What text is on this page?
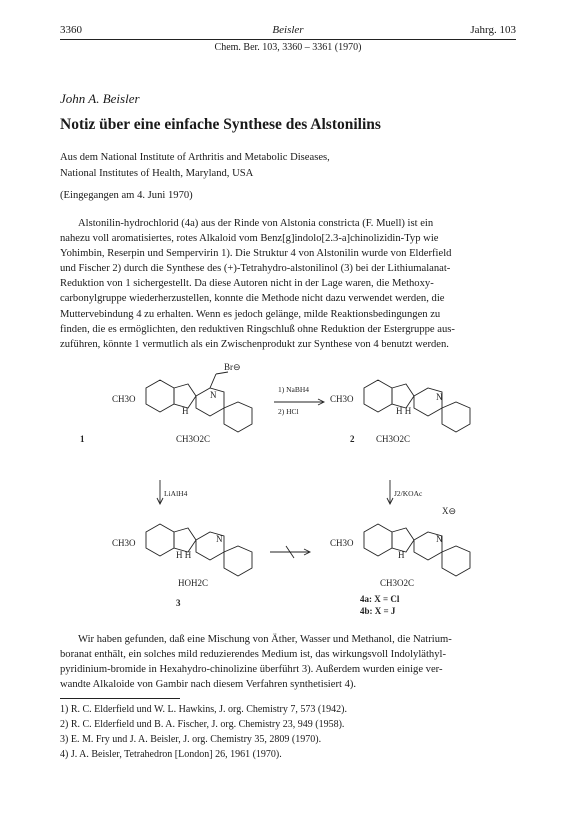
3360	Beisler	Jahrg. 103
Chem. Ber. 103, 3360 – 3361 (1970)
John A. Beisler
Notiz über eine einfache Synthese des Alstonilins
Aus dem National Institute of Arthritis and Metabolic Diseases,
National Institutes of Health, Maryland, USA
(Eingegangen am 4. Juni 1970)
Alstonilin-hydrochlorid (4a) aus der Rinde von Alstonia constricta (F. Muell) ist ein
nahezu voll aromatisiertes, rotes Alkaloid vom Benz[g]indolo[2.3-a]chinolizidin-Typ wie
Yohimbin, Reserpin und Sempervirin 1). Die Struktur 4 von Alstonilin wurde von Elderfield
und Fischer 2) durch die Synthese des (+)-Tetrahydro-alstonilinol (3) bei der Lithiumalanat-
Reduktion von 1 sichergestellt. Da diese Autoren nicht in der Lage waren, die Methoxy-
carbonylgruppe wiederherzustellen, konnte die Methode nicht dazu verwendet werden, die
Muttervebindung 4 zu erhalten. Wenn es jedoch gelänge, milde Reaktionsbedingungen zu
finden, die es ermöglichten, den reduktiven Ringschluß ohne Reduktion der Estergruppe aus-
zuführen, könnte 1 vermutlich als ein Zwischenprodukt zur Synthese von 4 benutzt werden.
Br⊖
CH3O
H
N
CH3O2C
1
1) NaBH4
2) HCl
CH3O
H H
N
CH3O2C
2
LiAlH4	J2/KOAc
CH3O
H H
N
HOH2C
3
X⊖
CH3O
H
N
CH3O2C
4a: X = Cl
4b: X = J
Wir haben gefunden, daß eine Mischung von Äther, Wasser und Methanol, die Natrium-
boranat enthält, ein solches mild reduzierendes Medium ist, das wirkungsvoll Indolyläthyl-
pyridinium-bromide in Hexahydro-chinolizine überführt 3). Außerdem wurden einige ver-
wandte Alkaloide von Gambir nach diesem Verfahren synthetisiert 4).
1) R. C. Elderfield und W. L. Hawkins, J. org. Chemistry 7, 573 (1942).
2) R. C. Elderfield und B. A. Fischer, J. org. Chemistry 23, 949 (1958).
3) E. M. Fry und J. A. Beisler, J. org. Chemistry 35, 2809 (1970).
4) J. A. Beisler, Tetrahedron [London] 26, 1961 (1970).
